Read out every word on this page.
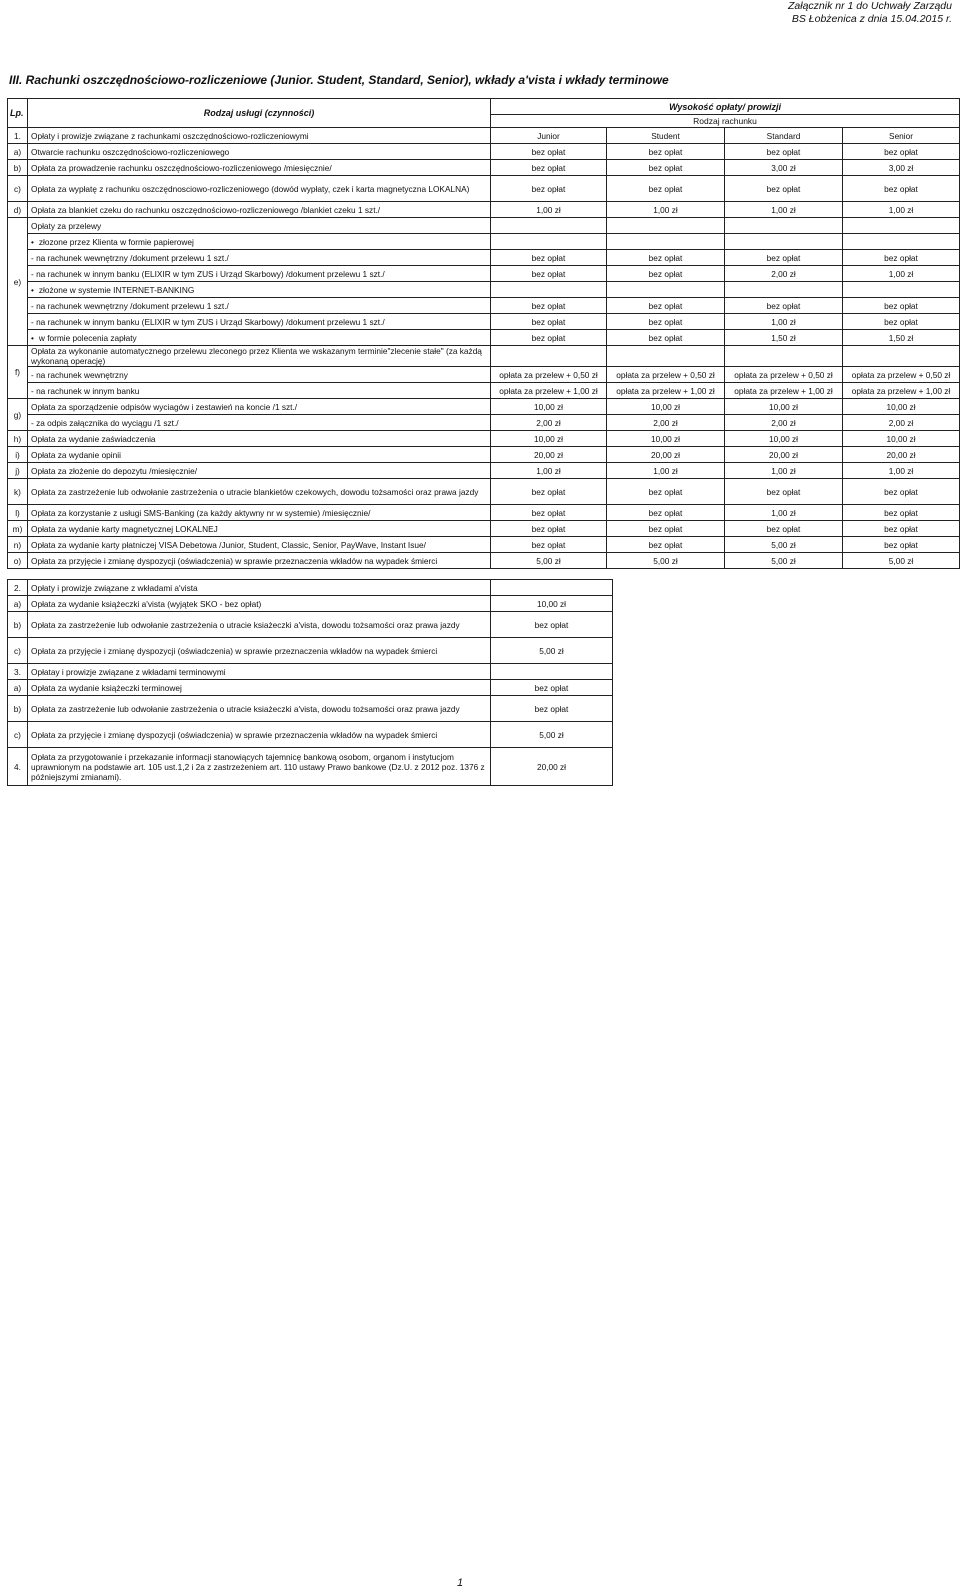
Załącznik nr 1 do Uchwały Zarządu
BS Łobżenica z dnia 15.04.2015 r.
III. Rachunki oszczędnościowo-rozliczeniowe (Junior. Student, Standard, Senior), wkłady a'vista i wkłady terminowe
Lp.	Rodzaj usługi (czynności)	Wysokość opłaty/ prowizji			
		Rodzaj rachunku			
1.	Opłaty i prowizje związane z rachunkami oszczędnościowo-rozliczeniowymi	Junior	Student	Standard	Senior
a)	Otwarcie rachunku oszczędnościowo-rozliczeniowego	bez opłat	bez opłat	bez opłat	bez opłat
b)	Opłata za prowadzenie rachunku oszczędnościowo-rozliczeniowego /miesięcznie/	bez opłat	bez opłat	3,00 zł	3,00 zł
c)	Opłata za wypłatę z rachunku oszczędnosciowo-rozliczeniowego (dowód wypłaty, czek i karta magnetyczna LOKALNA)	bez opłat	bez opłat	bez opłat	bez opłat
d)	Opłata za blankiet czeku do rachunku oszczędnościowo-rozliczeniowego /blankiet czeku 1 szt./	1,00 zł	1,00 zł	1,00 zł	1,00 zł
e)	Opłaty za przelewy				
	• złozone przez Klienta w formie papierowej				
	- na rachunek wewnętrzny /dokument przelewu 1 szt./	bez opłat	bez opłat	bez opłat	bez opłat
	- na rachunek w innym banku (ELIXIR w tym ZUS i Urząd Skarbowy) /dokument przelewu 1 szt./	bez opłat	bez opłat	2,00 zł	1,00 zł
	• złożone w systemie INTERNET-BANKING				
	- na rachunek wewnętrzny /dokument przelewu 1 szt./	bez opłat	bez opłat	bez opłat	bez opłat
	- na rachunek w innym banku (ELIXIR w tym ZUS i Urząd Skarbowy) /dokument przelewu 1 szt./	bez opłat	bez opłat	1,00 zł	bez opłat
	• w formie polecenia zapłaty	bez opłat	bez opłat	1,50 zł	1,50 zł
f)	Opłata za wykonanie automatycznego przelewu zleconego przez Klienta we wskazanym terminie"zlecenie stałe" (za każdą wykonaną operację)				
	- na rachunek wewnętrzny	opłata za przelew + 0,50 zł	opłata za przelew + 0,50 zł	opłata za przelew + 0,50 zł	opłata za przelew + 0,50 zł
	- na rachunek w innym banku	opłata za przelew + 1,00 zł	opłata za przelew + 1,00 zł	opłata za przelew + 1,00 zł	opłata za przelew + 1,00 zł
g)	Opłata za sporządzenie odpisów wyciagów i zestawień na koncie /1 szt./	10,00 zł	10,00 zł	10,00 zł	10,00 zł
	- za odpis załącznika do wyciągu /1 szt./	2,00 zł	2,00 zł	2,00 zł	2,00 zł
h)	Opłata za wydanie zaświadczenia	10,00 zł	10,00 zł	10,00 zł	10,00 zł
i)	Opłata za wydanie opinii	20,00 zł	20,00 zł	20,00 zł	20,00 zł
j)	Opłata za złożenie do depozytu /miesięcznie/	1,00 zł	1,00 zł	1,00 zł	1,00 zł
k)	Opłata za zastrzeżenie lub odwołanie zastrzeżenia o utracie blankietów czekowych, dowodu tożsamości oraz prawa jazdy	bez opłat	bez opłat	bez opłat	bez opłat
l)	Opłata za korzystanie z usługi SMS-Banking (za każdy aktywny nr w systemie) /miesięcznie/	bez opłat	bez opłat	1,00 zł	bez opłat
m)	Opłata za wydanie karty magnetycznej LOKALNEJ	bez opłat	bez opłat	bez opłat	bez opłat
n)	Opłata za wydanie karty płatniczej VISA Debetowa /Junior, Student, Classic, Senior, PayWave, Instant Isue/	bez opłat	bez opłat	5,00 zł	bez opłat
o)	Opłata za przyjęcie i zmianę dyspozycji (oświadczenia) w sprawie przeznaczenia wkładów na wypadek śmierci	5,00 zł	5,00 zł	5,00 zł	5,00 zł
2.	Opłaty i prowizje związane z wkładami a'vista	
a)	Opłata za wydanie książeczki a'vista (wyjątek SKO - bez opłat)	10,00 zł
b)	Opłata za zastrzeżenie lub odwołanie zastrzeżenia o utracie ksiażeczki a'vista, dowodu tożsamości oraz prawa jazdy	bez opłat
c)	Opłata za przyjęcie i zmianę dyspozycji (oświadczenia) w sprawie przeznaczenia wkładów na wypadek śmierci	5,00 zł
3.	Opłatay i prowizje związane z wkładami terminowymi	
a)	Opłata za wydanie książeczki terminowej	bez opłat
b)	Opłata za zastrzeżenie lub odwołanie zastrzeżenia o utracie ksiażeczki a'vista, dowodu tożsamości oraz prawa jazdy	bez opłat
c)	Opłata za przyjęcie i zmianę dyspozycji (oświadczenia) w sprawie przeznaczenia wkładów na wypadek śmierci	5,00 zł
4.	Opłata za przygotowanie i przekazanie informacji stanowiących tajemnicę bankową osobom, organom i instytucjom uprawnionym na podstawie art. 105 ust.1,2 i 2a z zastrzeżeniem art. 110 ustawy Prawo bankowe (Dz.U. z 2012 poz. 1376 z późniejszymi zmianami).	20,00 zł
1
